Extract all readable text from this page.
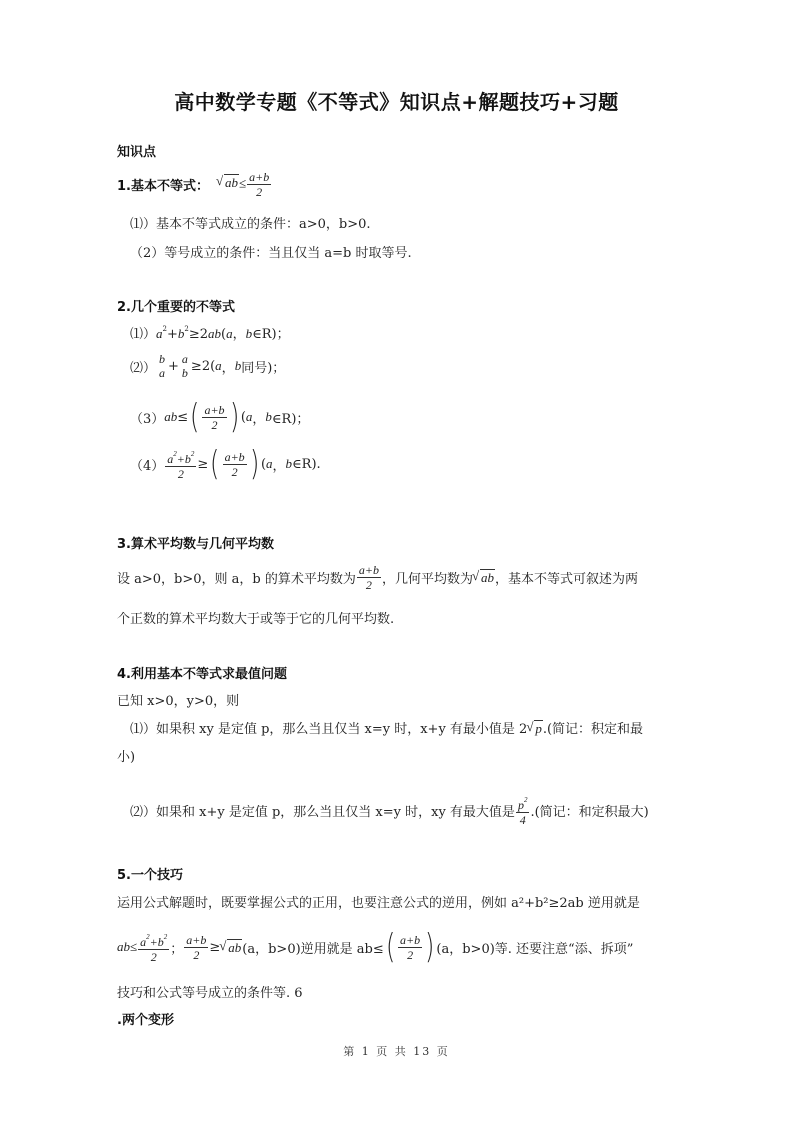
高中数学专题《不等式》知识点+解题技巧+习题
知识点
1.基本不等式：	√ $ab\le \frac{a+b}{2}$
⑴）基本不等式成立的条件：a>0，b>0.
（2）等号成立的条件：当且仅当 a=b 时取等号.
2.几个重要的不等式
$⑴)a^2+b^2\ge 2ab(a$，b∈R)；
⑵）
b
a + a
b ≥2( a ， b 同号)；
（3） ab ≤ ( $\frac{a+b}{2}$ ) ( a ， b ∈R)；
$(4) \frac{a^2+b^2}{2}$ ≥ ( $\frac{a+b}{2}$ ) ( a ， b ∈R).
3.算术平均数与几何平均数
设 a>0，b>0，则 a，b 的算术平均数为 $\frac{a+b}{2}$ ，几何平均数为 √ ab ，基本不等式可叙述为两
个正数的算术平均数大于或等于它的几何平均数.
4.利用基本不等式求最值问题
已知 x>0，y>0，则
⑴）如果积 xy 是定值 p，那么当且仅当 x=y 时，x+y 有最小值是 2 √ p.(简记：积定和最
小)
⑵）如果和 x+y 是定值 p，那么当且仅当 x=y 时，xy 有最大值是 $\frac{p^2}{4}$ .(简记：和定积最大)
5.一个技巧
运用公式解题时，既要掌握公式的正用，也要注意公式的逆用，例如 a²+b²≥2ab 逆用就是
$ab\le \frac{a^2+b^2}{2}$ ； $\frac{a+b}{2}$ ≥ √ ab (a，b>0)逆用就是 ab≤ ( $\frac{a+b}{2}$ ) (a，b>0)等. 还要注意“添、拆项”
技巧和公式等号成立的条件等. 6
.两个变形
第 1 页 共 13 页
